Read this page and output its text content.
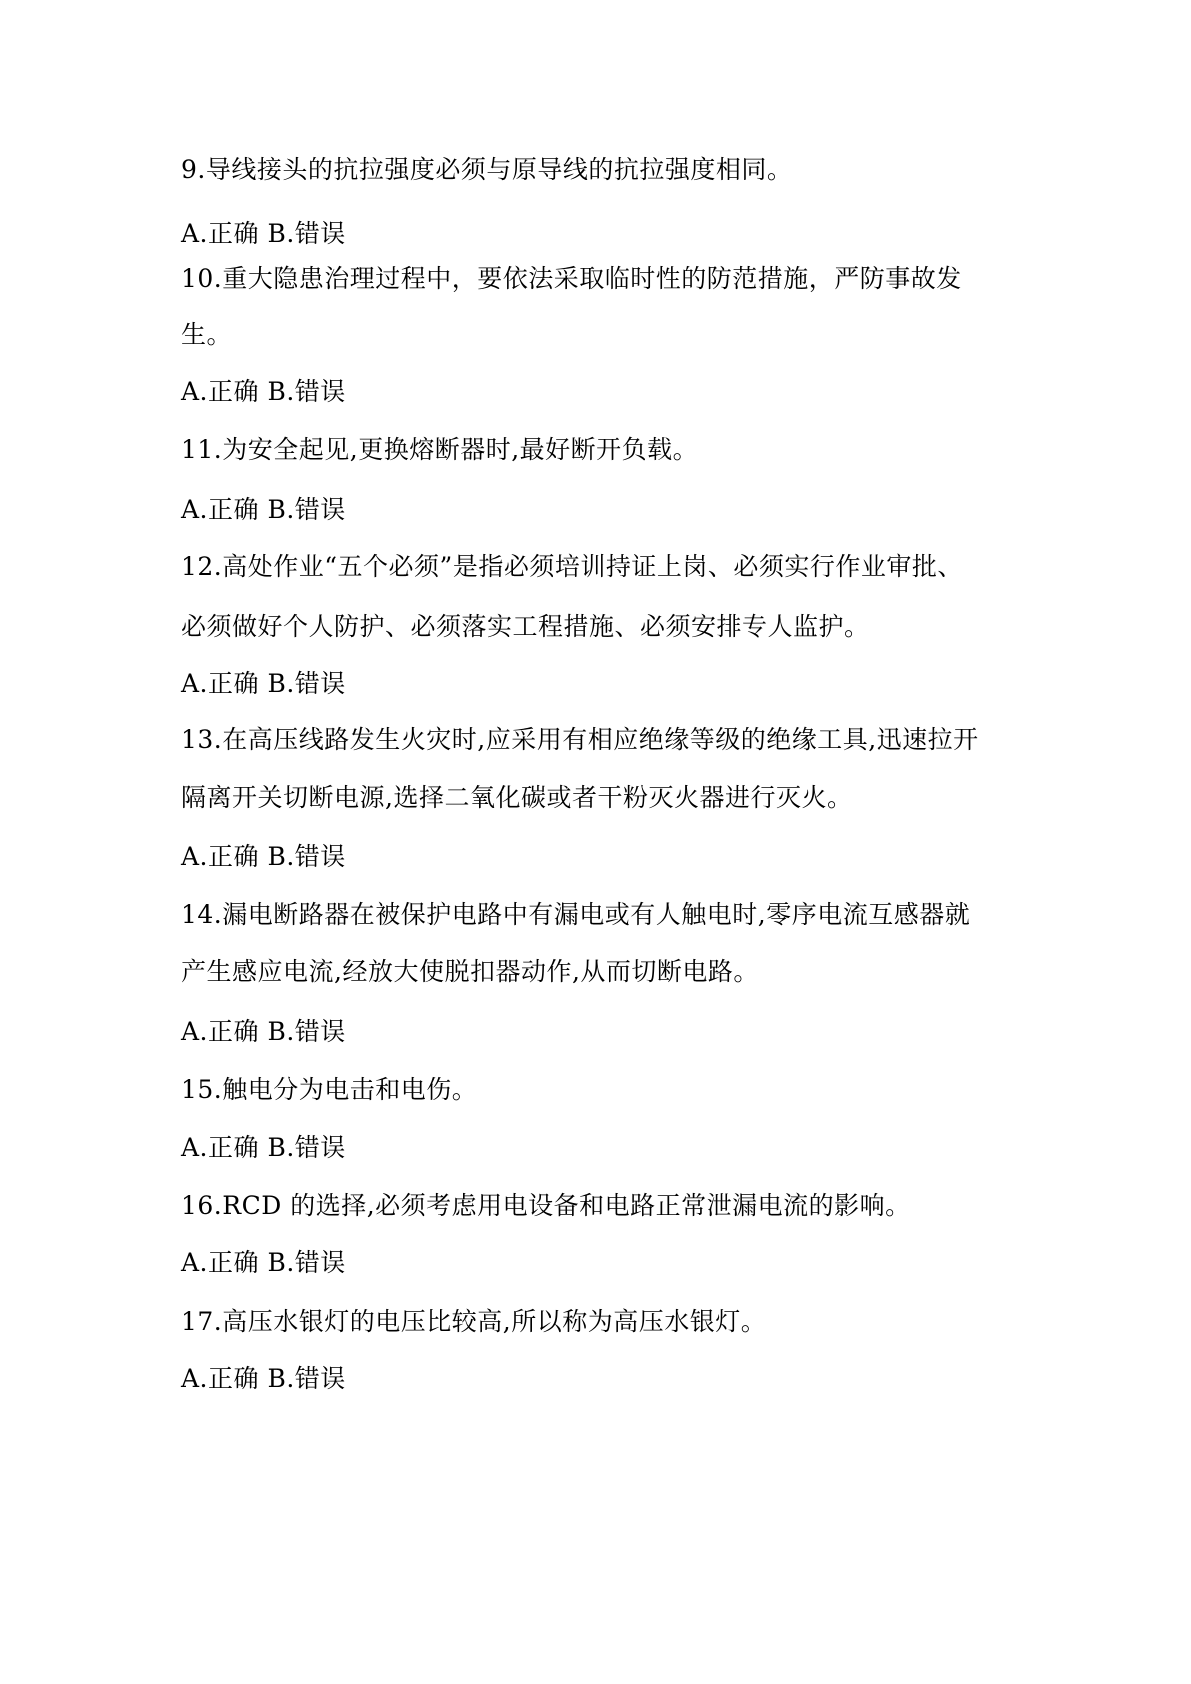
9.导线接头的抗拉强度必须与原导线的抗拉强度相同。
A.正确 B.错误
10.重大隐患治理过程中，要依法采取临时性的防范措施，严防事故发
生。
A.正确 B.错误
11.为安全起见,更换熔断器时,最好断开负载。
A.正确 B.错误
12.高处作业“五个必须”是指必须培训持证上岗、必须实行作业审批、
必须做好个人防护、必须落实工程措施、必须安排专人监护。
A.正确 B.错误
13.在高压线路发生火灾时,应采用有相应绝缘等级的绝缘工具,迅速拉开
隔离开关切断电源,选择二氧化碳或者干粉灭火器进行灭火。
A.正确 B.错误
14.漏电断路器在被保护电路中有漏电或有人触电时,零序电流互感器就
产生感应电流,经放大使脱扣器动作,从而切断电路。
A.正确 B.错误
15.触电分为电击和电伤。
A.正确 B.错误
16.RCD 的选择,必须考虑用电设备和电路正常泄漏电流的影响。
A.正确 B.错误
17.高压水银灯的电压比较高,所以称为高压水银灯。
A.正确 B.错误
